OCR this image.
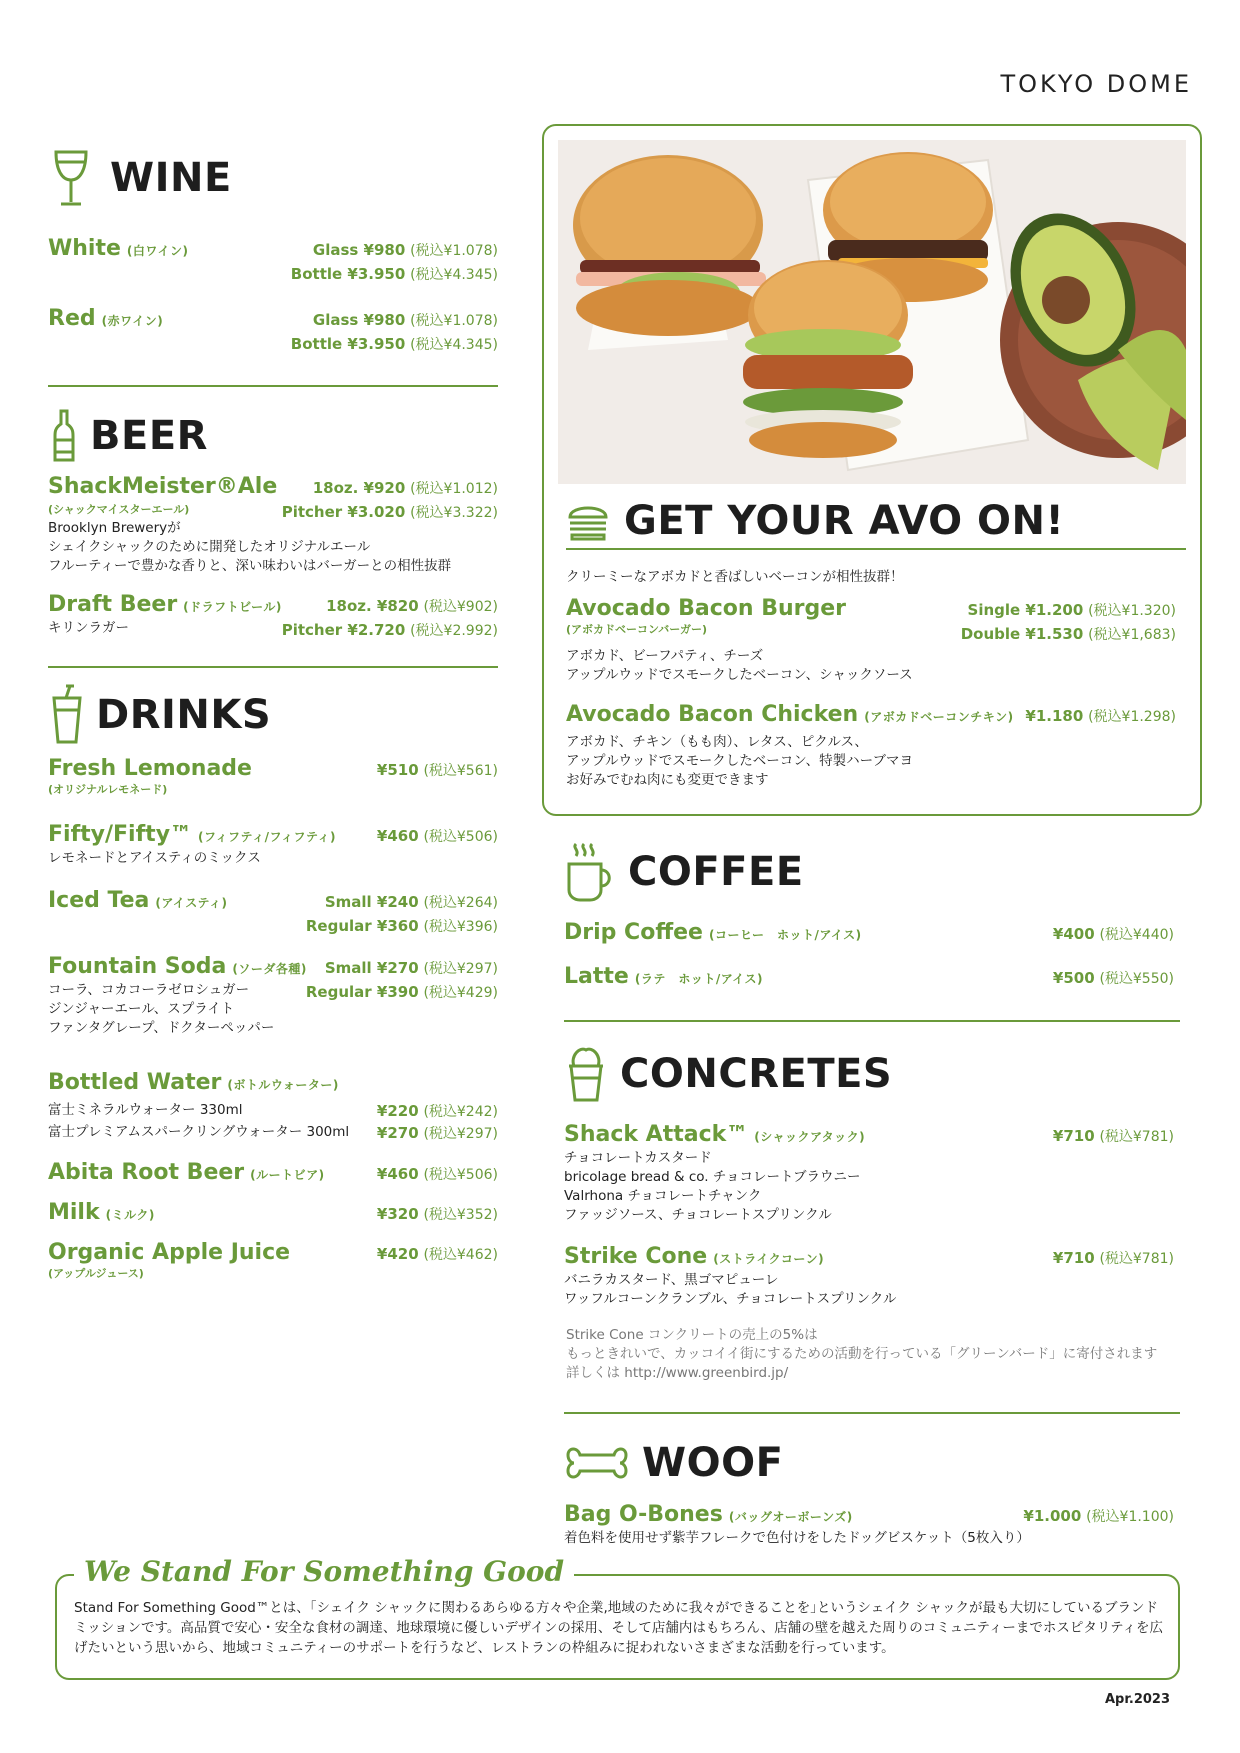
TOKYO DOME
WINE
White (白ワイン)	Glass ¥980 (税込¥1.078)
Bottle ¥3.950 (税込¥4.345)
Red (赤ワイン)	Glass ¥980 (税込¥1.078)
Bottle ¥3.950 (税込¥4.345)
BEER
ShackMeister®Ale
(シャックマイスターエール)
Brooklyn Breweryが
シェイクシャックのために開発したオリジナルエール
フルーティーで豊かな香りと、深い味わいはバーガーとの相性抜群
18oz. ¥920 (税込¥1.012)
Pitcher ¥3.020 (税込¥3.322)
Draft Beer (ドラフトビール)
キリンラガー
18oz. ¥820 (税込¥902)
Pitcher ¥2.720 (税込¥2.992)
DRINKS
Fresh Lemonade
(オリジナルレモネード)
¥510 (税込¥561)
Fifty/Fifty™ (フィフティ/フィフティ)
レモネードとアイスティのミックス
¥460 (税込¥506)
Iced Tea (アイスティ)	Small ¥240 (税込¥264)
Regular ¥360 (税込¥396)
Fountain Soda (ソーダ各種)
コーラ、コカコーラゼロシュガー
ジンジャーエール、スプライト
ファンタグレープ、ドクターペッパー
Small ¥270 (税込¥297)
Regular ¥390 (税込¥429)
Bottled Water (ボトルウォーター)
富士ミネラルウォーター 330ml
富士プレミアムスパークリングウォーター 300ml
¥220 (税込¥242)
¥270 (税込¥297)
Abita Root Beer (ルートビア)	¥460 (税込¥506)
Milk (ミルク)	¥320 (税込¥352)
Organic Apple Juice
(アップルジュース)
¥420 (税込¥462)
GET YOUR AVO ON!
クリーミーなアボカドと香ばしいベーコンが相性抜群！
Avocado Bacon Burger
(アボカドベーコンバーガー)
アボカド、ビーフパティ、チーズ
アップルウッドでスモークしたベーコン、シャックソース
Single ¥1.200 (税込¥1.320)
Double ¥1.530 (税込¥1,683)
Avocado Bacon Chicken (アボカドベーコンチキン)
アボカド、チキン（もも肉）、レタス、ピクルス、
アップルウッドでスモークしたベーコン、特製ハーブマヨ
お好みでむね肉にも変更できます
¥1.180 (税込¥1.298)
COFFEE
Drip Coffee (コーヒー　ホット/アイス)	¥400 (税込¥440)
Latte (ラテ　ホット/アイス)	¥500 (税込¥550)
CONCRETES
Shack Attack™ (シャックアタック)
チョコレートカスタード
bricolage bread & co. チョコレートブラウニー
Valrhona チョコレートチャンク
ファッジソース、チョコレートスプリンクル
¥710 (税込¥781)
Strike Cone (ストライクコーン)
バニラカスタード、黒ゴマピューレ
ワッフルコーンクランブル、チョコレートスプリンクル
¥710 (税込¥781)
Strike Cone コンクリートの売上の5%は
もっときれいで、カッコイイ街にするための活動を行っている「グリーンバード」に寄付されます
詳しくは http://www.greenbird.jp/
WOOF
Bag O-Bones (バッグオーボーンズ)
着色料を使用せず紫芋フレークで色付けをしたドッグビスケット（5枚入り）
¥1.000 (税込¥1.100)
We Stand For Something Good
Stand For Something Good™とは、｢シェイク シャックに関わるあらゆる方々や企業,地域のために我々ができることを｣というシェイク シャックが最も大切にしているブランドミッションです。高品質で安心・安全な食材の調達、地球環境に優しいデザインの採用、そして店舗内はもちろん、店舗の壁を越えた周りのコミュニティーまでホスピタリティを広げたいという思いから、地域コミュニティーのサポートを行うなど、レストランの枠組みに捉われないさまざまな活動を行っています。
Apr.2023
